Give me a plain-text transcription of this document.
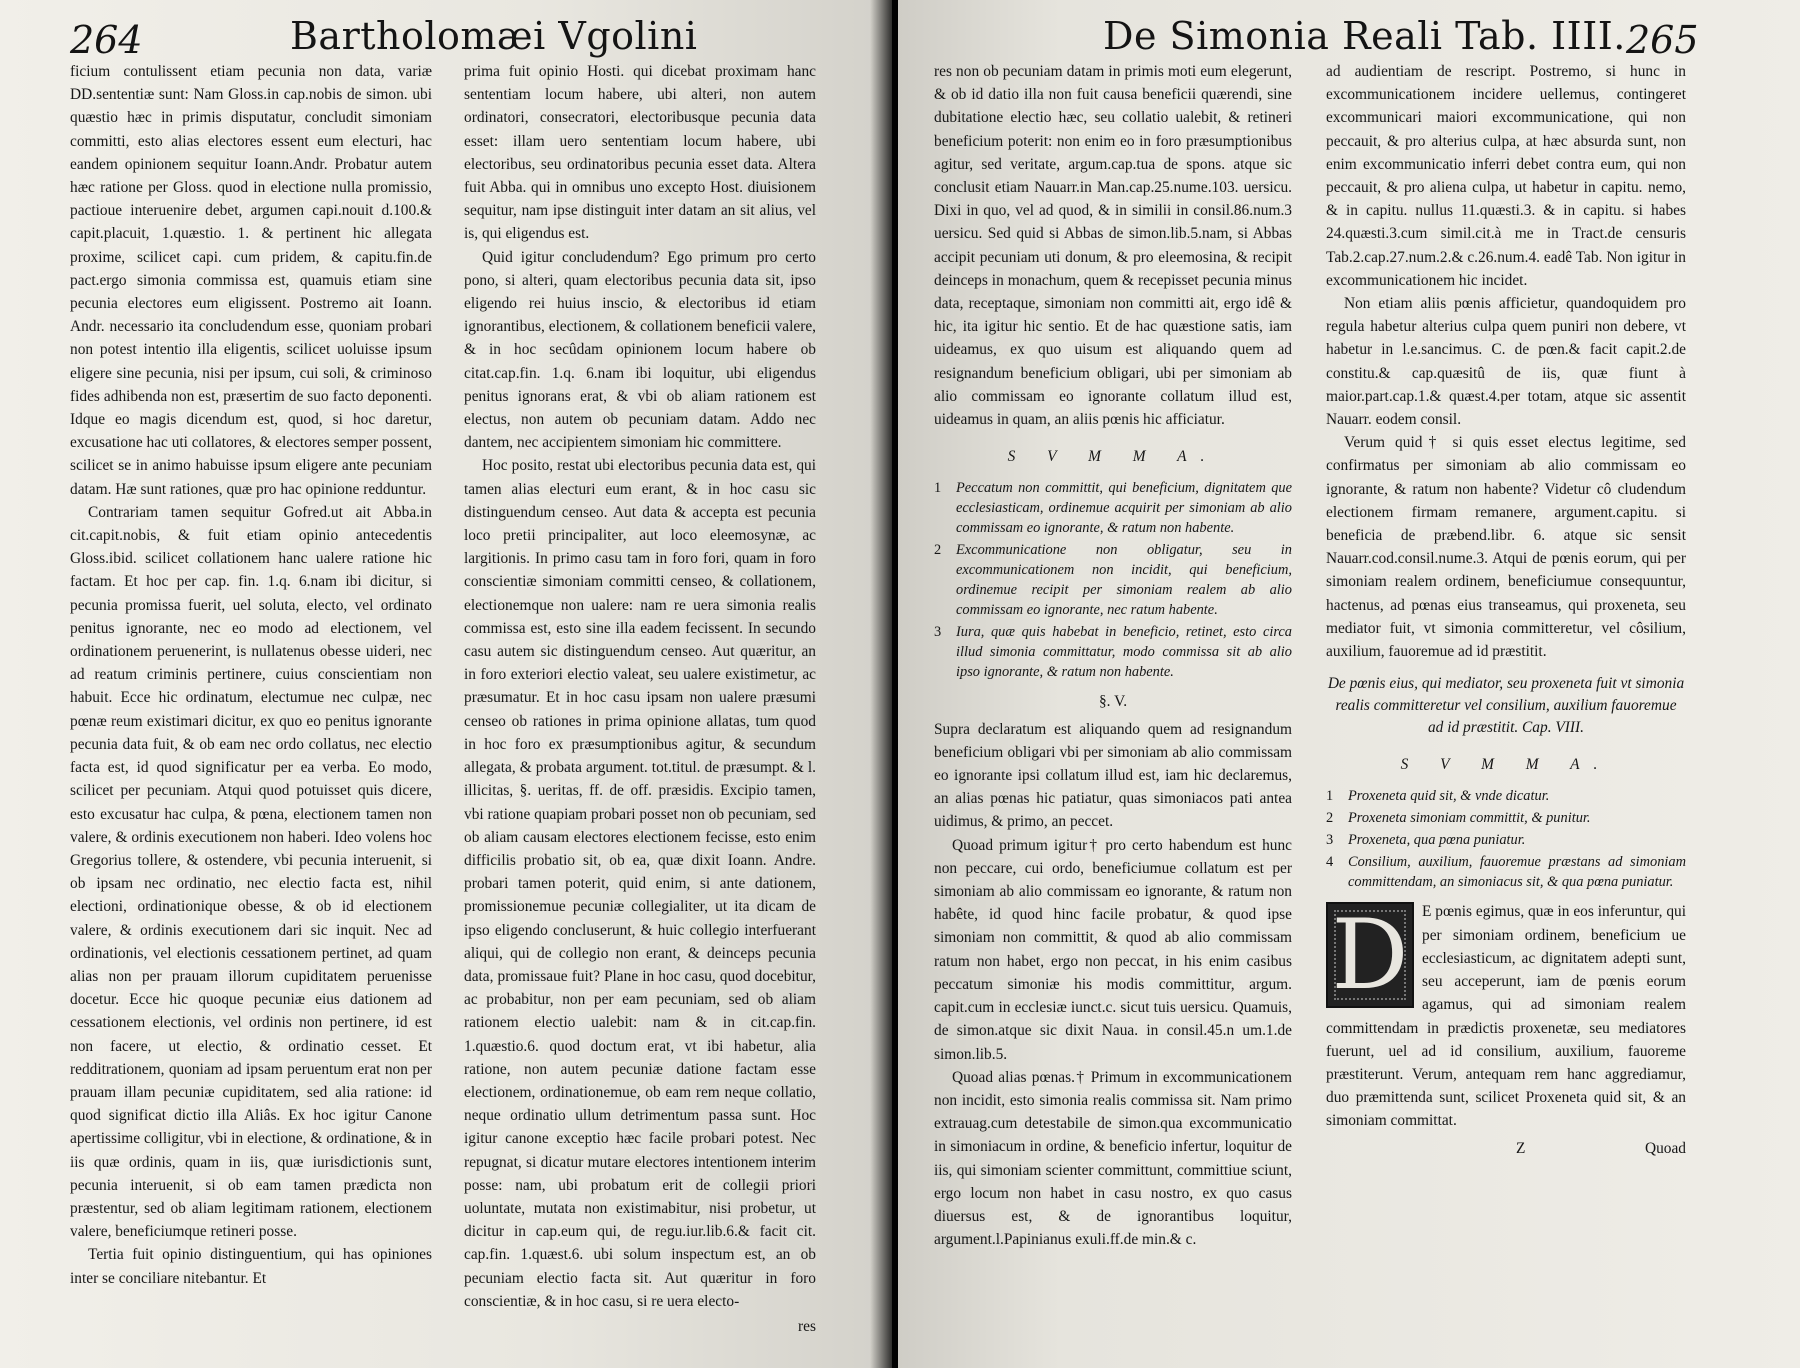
264	Bartholomæi Vgolini

ficium contulissent etiam pecunia non data, variæ DD.sententiæ sunt: Nam Gloss.in cap.nobis de simon. ubi quæstio hæc in primis disputatur, concludit simoniam committi, esto alias electores essent eum electuri, hac eandem opinionem sequitur Ioann.Andr. Probatur autem hæc ratione per Gloss. quod in electione nulla promissio, pactioue interuenire debet, argumen capi.nouit d.100.& capit.placuit, 1.quæstio. 1. & pertinent hic allegata proxime, scilicet capi. cum pridem, & capitu.fin.de pact.ergo simonia commissa est, quamuis etiam sine pecunia electores eum eligissent. Postremo ait Ioann. Andr. necessario ita concludendum esse, quoniam probari non potest intentio illa eligentis, scilicet uoluisse ipsum eligere sine pecunia, nisi per ipsum, cui soli, & criminoso fides adhibenda non est, præsertim de suo facto deponenti. Idque eo magis dicendum est, quod, si hoc daretur, excusatione hac uti collatores, & electores semper possent, scilicet se in animo habuisse ipsum eligere ante pecuniam datam. Hæ sunt rationes, quæ pro hac opinione redduntur.

Contrariam tamen sequitur Gofred.ut ait Abba.in cit.capit.nobis, & fuit etiam opinio antecedentis Gloss.ibid. scilicet collationem hanc ualere ratione hic factam. Et hoc per cap. fin. 1.q. 6.nam ibi dicitur, si pecunia promissa fuerit, uel soluta, electo, vel ordinato penitus ignorante, nec eo modo ad electionem, vel ordinationem peruenerint, is nullatenus obesse uideri, nec ad reatum criminis pertinere, cuius conscientiam non habuit. Ecce hic ordinatum, electumue nec culpæ, nec pœnæ reum existimari dicitur, ex quo eo penitus ignorante pecunia data fuit, & ob eam nec ordo collatus, nec electio facta est, id quod significatur per ea verba. Eo modo, scilicet per pecuniam. Atqui quod potuisset quis dicere, esto excusatur hac culpa, & pœna, electionem tamen non valere, & ordinis executionem non haberi. Ideo volens hoc Gregorius tollere, & ostendere, vbi pecunia interuenit, si ob ipsam nec ordinatio, nec electio facta est, nihil electioni, ordinationique obesse, & ob id electionem valere, & ordinis executionem dari sic inquit. Nec ad ordinationis, vel electionis cessationem pertinet, ad quam alias non per prauam illorum cupiditatem peruenisse docetur. Ecce hic quoque pecuniæ eius dationem ad cessationem electionis, vel ordinis non pertinere, id est non facere, ut electio, & ordinatio cesset. Et redditrationem, quoniam ad ipsam peruentum erat non per prauam illam pecuniæ cupiditatem, sed alia ratione: id quod significat dictio illa Aliâs. Ex hoc igitur Canone apertissime colligitur, vbi in electione, & ordinatione, & in iis quæ ordinis, quam in iis, quæ iurisdictionis sunt, pecunia interuenit, si ob eam tamen prædicta non præstentur, sed ob aliam legitimam rationem, electionem valere, beneficiumque retineri posse.

Tertia fuit opinio distinguentium, qui has opiniones inter se conciliare nitebantur. Et

prima fuit opinio Hosti. qui dicebat proximam hanc sententiam locum habere, ubi alteri, non autem ordinatori, consecratori, electoribusque pecunia data esset: illam uero sententiam locum habere, ubi electoribus, seu ordinatoribus pecunia esset data. Altera fuit Abba. qui in omnibus uno excepto Host. diuisionem sequitur, nam ipse distinguit inter datam an sit alius, vel is, qui eligendus est.

Quid igitur concludendum? Ego primum pro certo pono, si alteri, quam electoribus pecunia data sit, ipso eligendo rei huius inscio, & electoribus id etiam ignorantibus, electionem, & collationem beneficii valere, & in hoc secûdam opinionem locum habere ob citat.cap.fin. 1.q. 6.nam ibi loquitur, ubi eligendus penitus ignorans erat, & vbi ob aliam rationem est electus, non autem ob pecuniam datam. Addo nec dantem, nec accipientem simoniam hic committere.

Hoc posito, restat ubi electoribus pecunia data est, qui tamen alias electuri eum erant, & in hoc casu sic distinguendum censeo. Aut data & accepta est pecunia loco pretii principaliter, aut loco eleemosynæ, ac largitionis. In primo casu tam in foro fori, quam in foro conscientiæ simoniam committi censeo, & collationem, electionemque non ualere: nam re uera simonia realis commissa est, esto sine illa eadem fecissent. In secundo casu autem sic distinguendum censeo. Aut quæritur, an in foro exteriori electio valeat, seu ualere existimetur, ac præsumatur. Et in hoc casu ipsam non ualere præsumi censeo ob rationes in prima opinione allatas, tum quod in hoc foro ex præsumptionibus agitur, & secundum allegata, & probata argument. tot.titul. de præsumpt. & l. illicitas, §. ueritas, ff. de off. præsidis. Excipio tamen, vbi ratione quapiam probari posset non ob pecuniam, sed ob aliam causam electores electionem fecisse, esto enim difficilis probatio sit, ob ea, quæ dixit Ioann. Andre. probari tamen poterit, quid enim, si ante dationem, promissionemue pecuniæ collegialiter, ut ita dicam de ipso eligendo concluserunt, & huic collegio interfuerant aliqui, qui de collegio non erant, & deinceps pecunia data, promissaue fuit? Plane in hoc casu, quod docebitur, ac probabitur, non per eam pecuniam, sed ob aliam rationem electio ualebit: nam & in cit.cap.fin. 1.quæstio.6. quod doctum erat, vt ibi habetur, alia ratione, non autem pecuniæ datione factam esse electionem, ordinationemue, ob eam rem neque collatio, neque ordinatio ullum detrimentum passa sunt. Hoc igitur canone exceptio hæc facile probari potest. Nec repugnat, si dicatur mutare electores intentionem interim posse: nam, ubi probatum erit de collegii priori uoluntate, mutata non existimabitur, nisi probetur, ut dicitur in cap.eum qui, de regu.iur.lib.6.& facit cit. cap.fin. 1.quæst.6. ubi solum inspectum est, an ob pecuniam electio facta sit. Aut quæritur in foro conscientiæ, & in hoc casu, si re uera electo-

res
De Simonia Reali Tab. IIII. 265

res non ob pecuniam datam in primis moti eum elegerunt, & ob id datio illa non fuit causa beneficii quærendi, sine dubitatione electio hæc, seu collatio ualebit, & retineri beneficium poterit: non enim eo in foro præsumptionibus agitur, sed veritate, argum.cap.tua de spons. atque sic conclusit etiam Nauarr.in Man.cap.25.nume.103. uersicu. Dixi in quo, vel ad quod, & in similii in consil.86.num.3 uersicu. Sed quid si Abbas de simon.lib.5.nam, si Abbas accipit pecuniam uti donum, & pro eleemosina, & recipit deinceps in monachum, quem & recepisset pecunia minus data, receptaque, simoniam non committi ait, ergo idê & hic, ita igitur hic sentio. Et de hac quæstione satis, iam uideamus, ex quo uisum est aliquando quem ad resignandum beneficium obligari, ubi per simoniam ab alio commissam eo ignorante collatum illud est, uideamus in quam, an aliis pœnis hic afficiatur.

S V M M A.
1 Peccatum non committit, qui beneficium, dignitatem que ecclesiasticam, ordinemue acquirit per simoniam ab alio commissam eo ignorante, & ratum non habente.
2 Excommunicatione non obligatur, seu in excommunicationem non incidit, qui beneficium, ordinemue recipit per simoniam realem ab alio commissam eo ignorante, nec ratum habente.
3 Iura, quæ quis habebat in beneficio, retinet, esto circa illud simonia committatur, modo commissa sit ab alio ipso ignorante, & ratum non habente.
§. V.

Supra declaratum est aliquando quem ad resignandum beneficium obligari vbi per simoniam ab alio commissam eo ignorante ipsi collatum illud est, iam hic declaremus, an alias pœnas hic patiatur, quas simoniacos pati antea uidimus, & primo, an peccet.

Quoad primum igitur† pro certo habendum est hunc non peccare, cui ordo, beneficiumue collatum est per simoniam ab alio commissam eo ignorante, & ratum non habête, id quod hinc facile probatur, & quod ipse simoniam non committit, & quod ab alio commissam ratum non habet, ergo non peccat, in his enim casibus peccatum simoniæ his modis committitur, argum. capit.cum in ecclesiæ iunct.c. sicut tuis uersicu. Quamuis, de simon.atque sic dixit Naua. in consil.45.n um.1.de simon.lib.5.

Quoad alias pœnas.† Primum in excommunicationem non incidit, esto simonia realis commissa sit. Nam primo extrauag.cum detestabile de simon.qua excommunicatio in simoniacum in ordine, & beneficio infertur, loquitur de iis, qui simoniam scienter committunt, committiue sciunt, ergo locum non habet in casu nostro, ex quo casus diuersus est, & de ignorantibus loquitur, argument.l.Papinianus exuli.ff.de min.& c.

ad audientiam de rescript. Postremo, si hunc in excommunicationem incidere uellemus, contingeret excommunicari maiori excommunicatione, qui non peccauit, & pro alterius culpa, at hæc absurda sunt, non enim excommunicatio inferri debet contra eum, qui non peccauit, & pro aliena culpa, ut habetur in capitu. nemo, & in capitu. nullus 11.quæsti.3. & in capitu. si habes 24.quæsti.3.cum simil.cit.à me in Tract.de censuris Tab.2.cap.27.num.2.& c.26.num.4. eadê Tab. Non igitur in excommunicationem hic incidet.

Non etiam aliis pœnis afficietur, quandoquidem pro regula habetur alterius culpa quem puniri non debere, vt habetur in l.e.sancimus. C. de pœn.& facit capit.2.de constitu.& cap.quæsitû de iis, quæ fiunt à maior.part.cap.1.& quæst.4.per totam, atque sic assentit Nauarr. eodem consil.

Verum quid† si quis esset electus legitime, sed confirmatus per simoniam ab alio commissam eo ignorante, & ratum non habente? Videtur cô cludendum electionem firmam remanere, argument.capitu. si beneficia de præbend.libr. 6. atque sic sensit Nauarr.cod.consil.nume.3. Atqui de pœnis eorum, qui per simoniam realem ordinem, beneficiumue consequuntur, hactenus, ad pœnas eius transeamus, qui proxeneta, seu mediator fuit, vt simonia committeretur, vel côsilium, auxilium, fauoremue ad id præstitit.

De pœnis eius, qui mediator, seu proxeneta fuit vt simonia realis committeretur vel consilium, auxilium fauoremue ad id præstitit. Cap. VIII.
S V M M A.
1 Proxeneta quid sit, & vnde dicatur.
2 Proxeneta simoniam committit, & punitur.
3 Proxeneta, qua pœna puniatur.
4 Consilium, auxilium, fauoremue præstans ad simoniam committendam, an simoniacus sit, & qua pœna puniatur.
D E pœnis egimus, quæ in eos inferuntur, qui per simoniam ordinem, beneficium ue ecclesiasticum, ac dignitatem adepti sunt, seu acceperunt, iam de pœnis eorum agamus, qui ad simoniam realem committendam in prædictis proxenetæ, seu mediatores fuerunt, uel ad id consilium, auxilium, fauoreme præstiterunt. Verum, antequam rem hanc aggrediamur, duo præmittenda sunt, scilicet Proxeneta quid sit, & an simoniam committat.

Z	Quoad
